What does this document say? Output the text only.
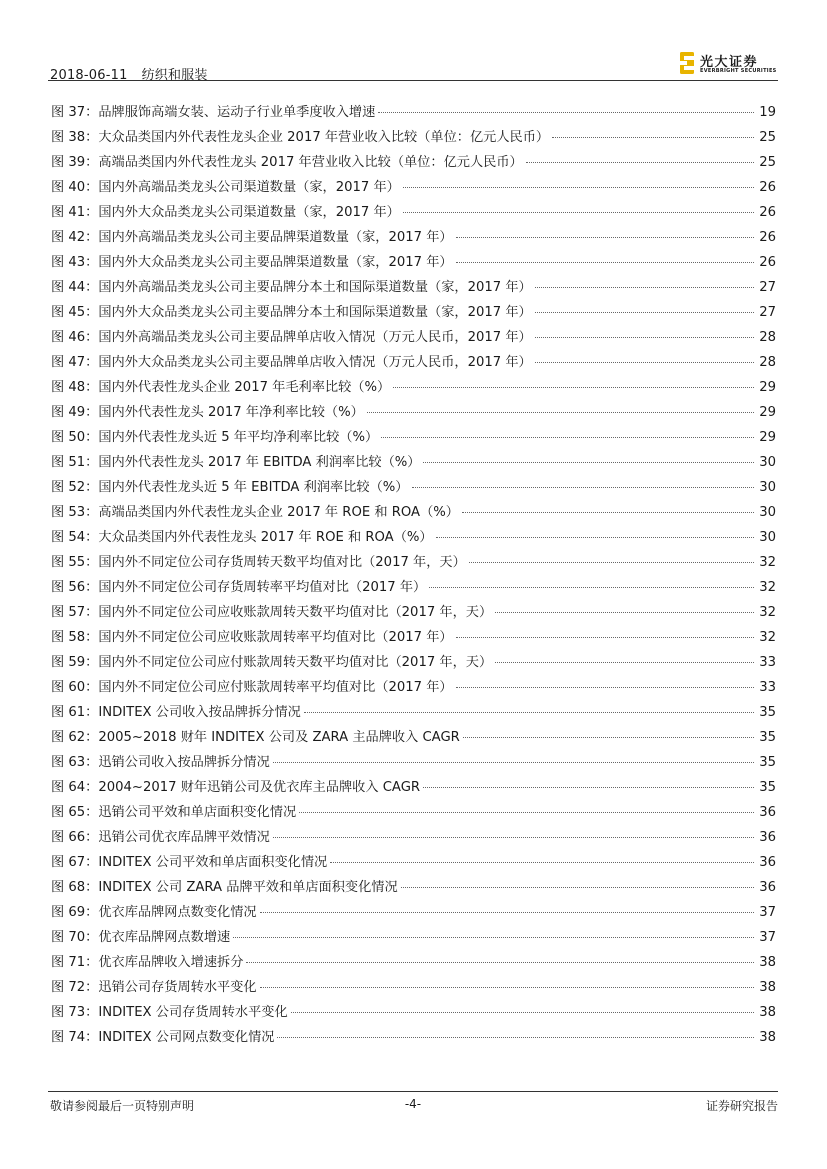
2018-06-11 纺织和服装
光大证券
EVERBRIGHT SECURITIES
图 37：品牌服饰高端女装、运动子行业单季度收入增速	19
图 38：大众品类国内外代表性龙头企业 2017 年营业收入比较（单位：亿元人民币）	25
图 39：高端品类国内外代表性龙头 2017 年营业收入比较（单位：亿元人民币）	25
图 40：国内外高端品类龙头公司渠道数量（家，2017 年）	26
图 41：国内外大众品类龙头公司渠道数量（家，2017 年）	26
图 42：国内外高端品类龙头公司主要品牌渠道数量（家，2017 年）	26
图 43：国内外大众品类龙头公司主要品牌渠道数量（家，2017 年）	26
图 44：国内外高端品类龙头公司主要品牌分本土和国际渠道数量（家，2017 年）	27
图 45：国内外大众品类龙头公司主要品牌分本土和国际渠道数量（家，2017 年）	27
图 46：国内外高端品类龙头公司主要品牌单店收入情况（万元人民币，2017 年）	28
图 47：国内外大众品类龙头公司主要品牌单店收入情况（万元人民币，2017 年）	28
图 48：国内外代表性龙头企业 2017 年毛利率比较（%）	29
图 49：国内外代表性龙头 2017 年净利率比较（%）	29
图 50：国内外代表性龙头近 5 年平均净利率比较（%）	29
图 51：国内外代表性龙头 2017 年 EBITDA 利润率比较（%）	30
图 52：国内外代表性龙头近 5 年 EBITDA 利润率比较（%）	30
图 53：高端品类国内外代表性龙头企业 2017 年 ROE 和 ROA（%）	30
图 54：大众品类国内外代表性龙头 2017 年 ROE 和 ROA（%）	30
图 55：国内外不同定位公司存货周转天数平均值对比（2017 年，天）	32
图 56：国内外不同定位公司存货周转率平均值对比（2017 年）	32
图 57：国内外不同定位公司应收账款周转天数平均值对比（2017 年，天）	32
图 58：国内外不同定位公司应收账款周转率平均值对比（2017 年）	32
图 59：国内外不同定位公司应付账款周转天数平均值对比（2017 年，天）	33
图 60：国内外不同定位公司应付账款周转率平均值对比（2017 年）	33
图 61：INDITEX 公司收入按品牌拆分情况	35
图 62：2005~2018 财年 INDITEX 公司及 ZARA 主品牌收入 CAGR	35
图 63：迅销公司收入按品牌拆分情况	35
图 64：2004~2017 财年迅销公司及优衣库主品牌收入 CAGR	35
图 65：迅销公司平效和单店面积变化情况	36
图 66：迅销公司优衣库品牌平效情况	36
图 67：INDITEX 公司平效和单店面积变化情况	36
图 68：INDITEX 公司 ZARA 品牌平效和单店面积变化情况	36
图 69：优衣库品牌网点数变化情况	37
图 70：优衣库品牌网点数增速	37
图 71：优衣库品牌收入增速拆分	38
图 72：迅销公司存货周转水平变化	38
图 73：INDITEX 公司存货周转水平变化	38
图 74：INDITEX 公司网点数变化情况	38
敬请参阅最后一页特别声明	-4-	证券研究报告
